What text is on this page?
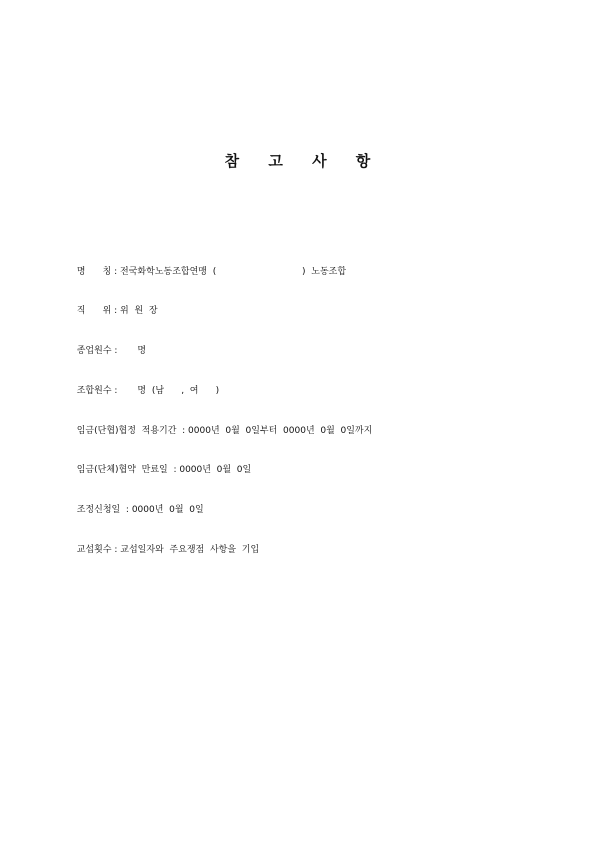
참 고 사 항

명      칭 : 전국화학노동조합연맹  (                              )  노동조합

직      위 : 위  원  장

종업원수 :       명

조합원수 :       명  (남      ,  여      )

임금(단협)협정  적용기간  : 0000년  0월  0일부터  0000년  0월  0일까지

임금(단체)협약  만료일  : 0000년  0월  0일

조정신청일  : 0000년  0월  0일

교섭횟수 : 교섭일자와  주요쟁점  사항을  기입
